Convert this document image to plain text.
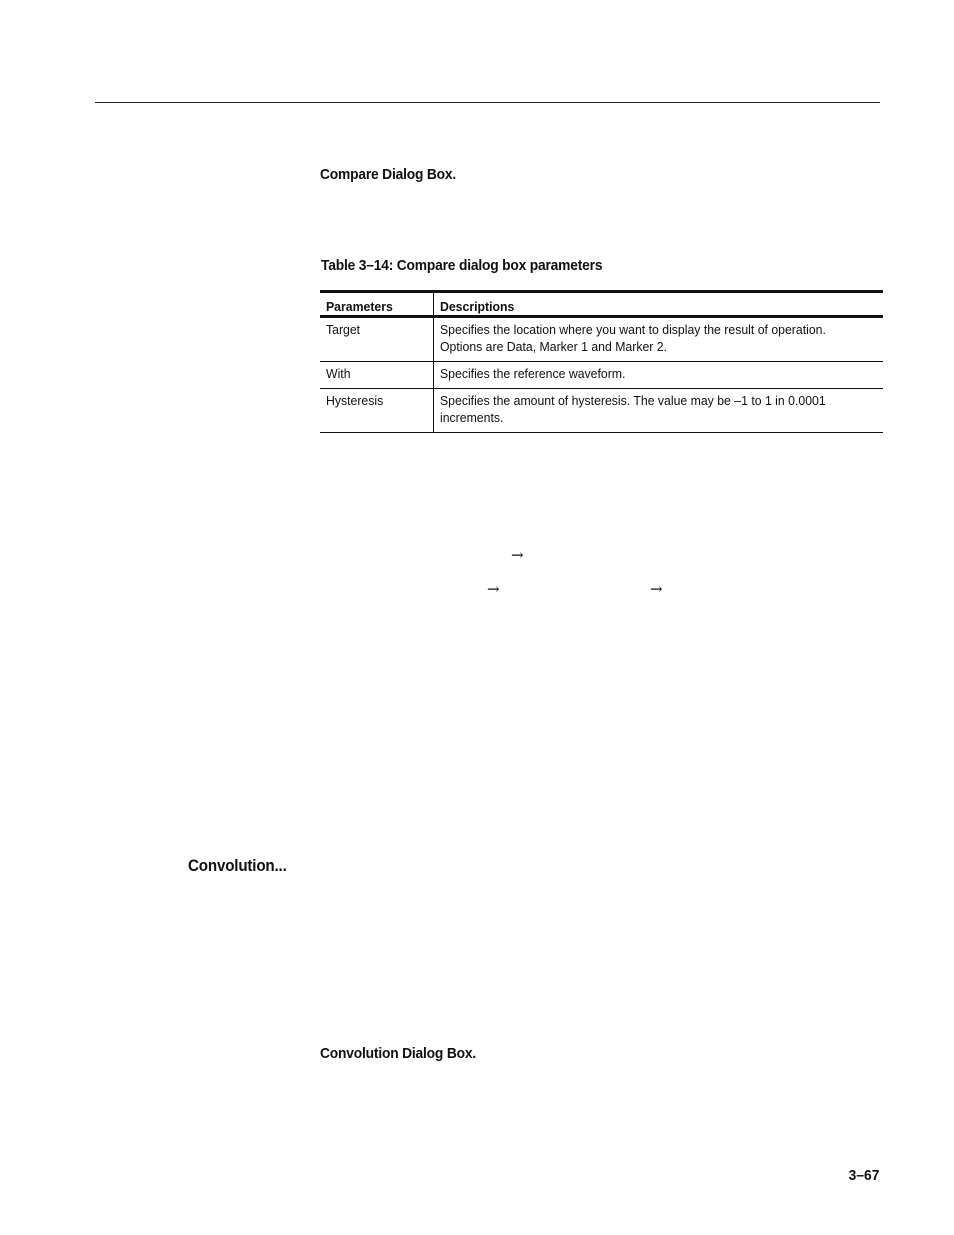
Compare Dialog Box.
Table 3–14: Compare dialog box parameters
Parameters	Descriptions
Target	Specifies the location where you want to display the result of operation.
Options are Data, Marker 1 and Marker 2.
With	Specifies the reference waveform.
Hysteresis	Specifies the amount of hysteresis. The value may be –1 to 1 in 0.0001
increments.
→
→	→
Convolution...
Convolution Dialog Box.
3–67
